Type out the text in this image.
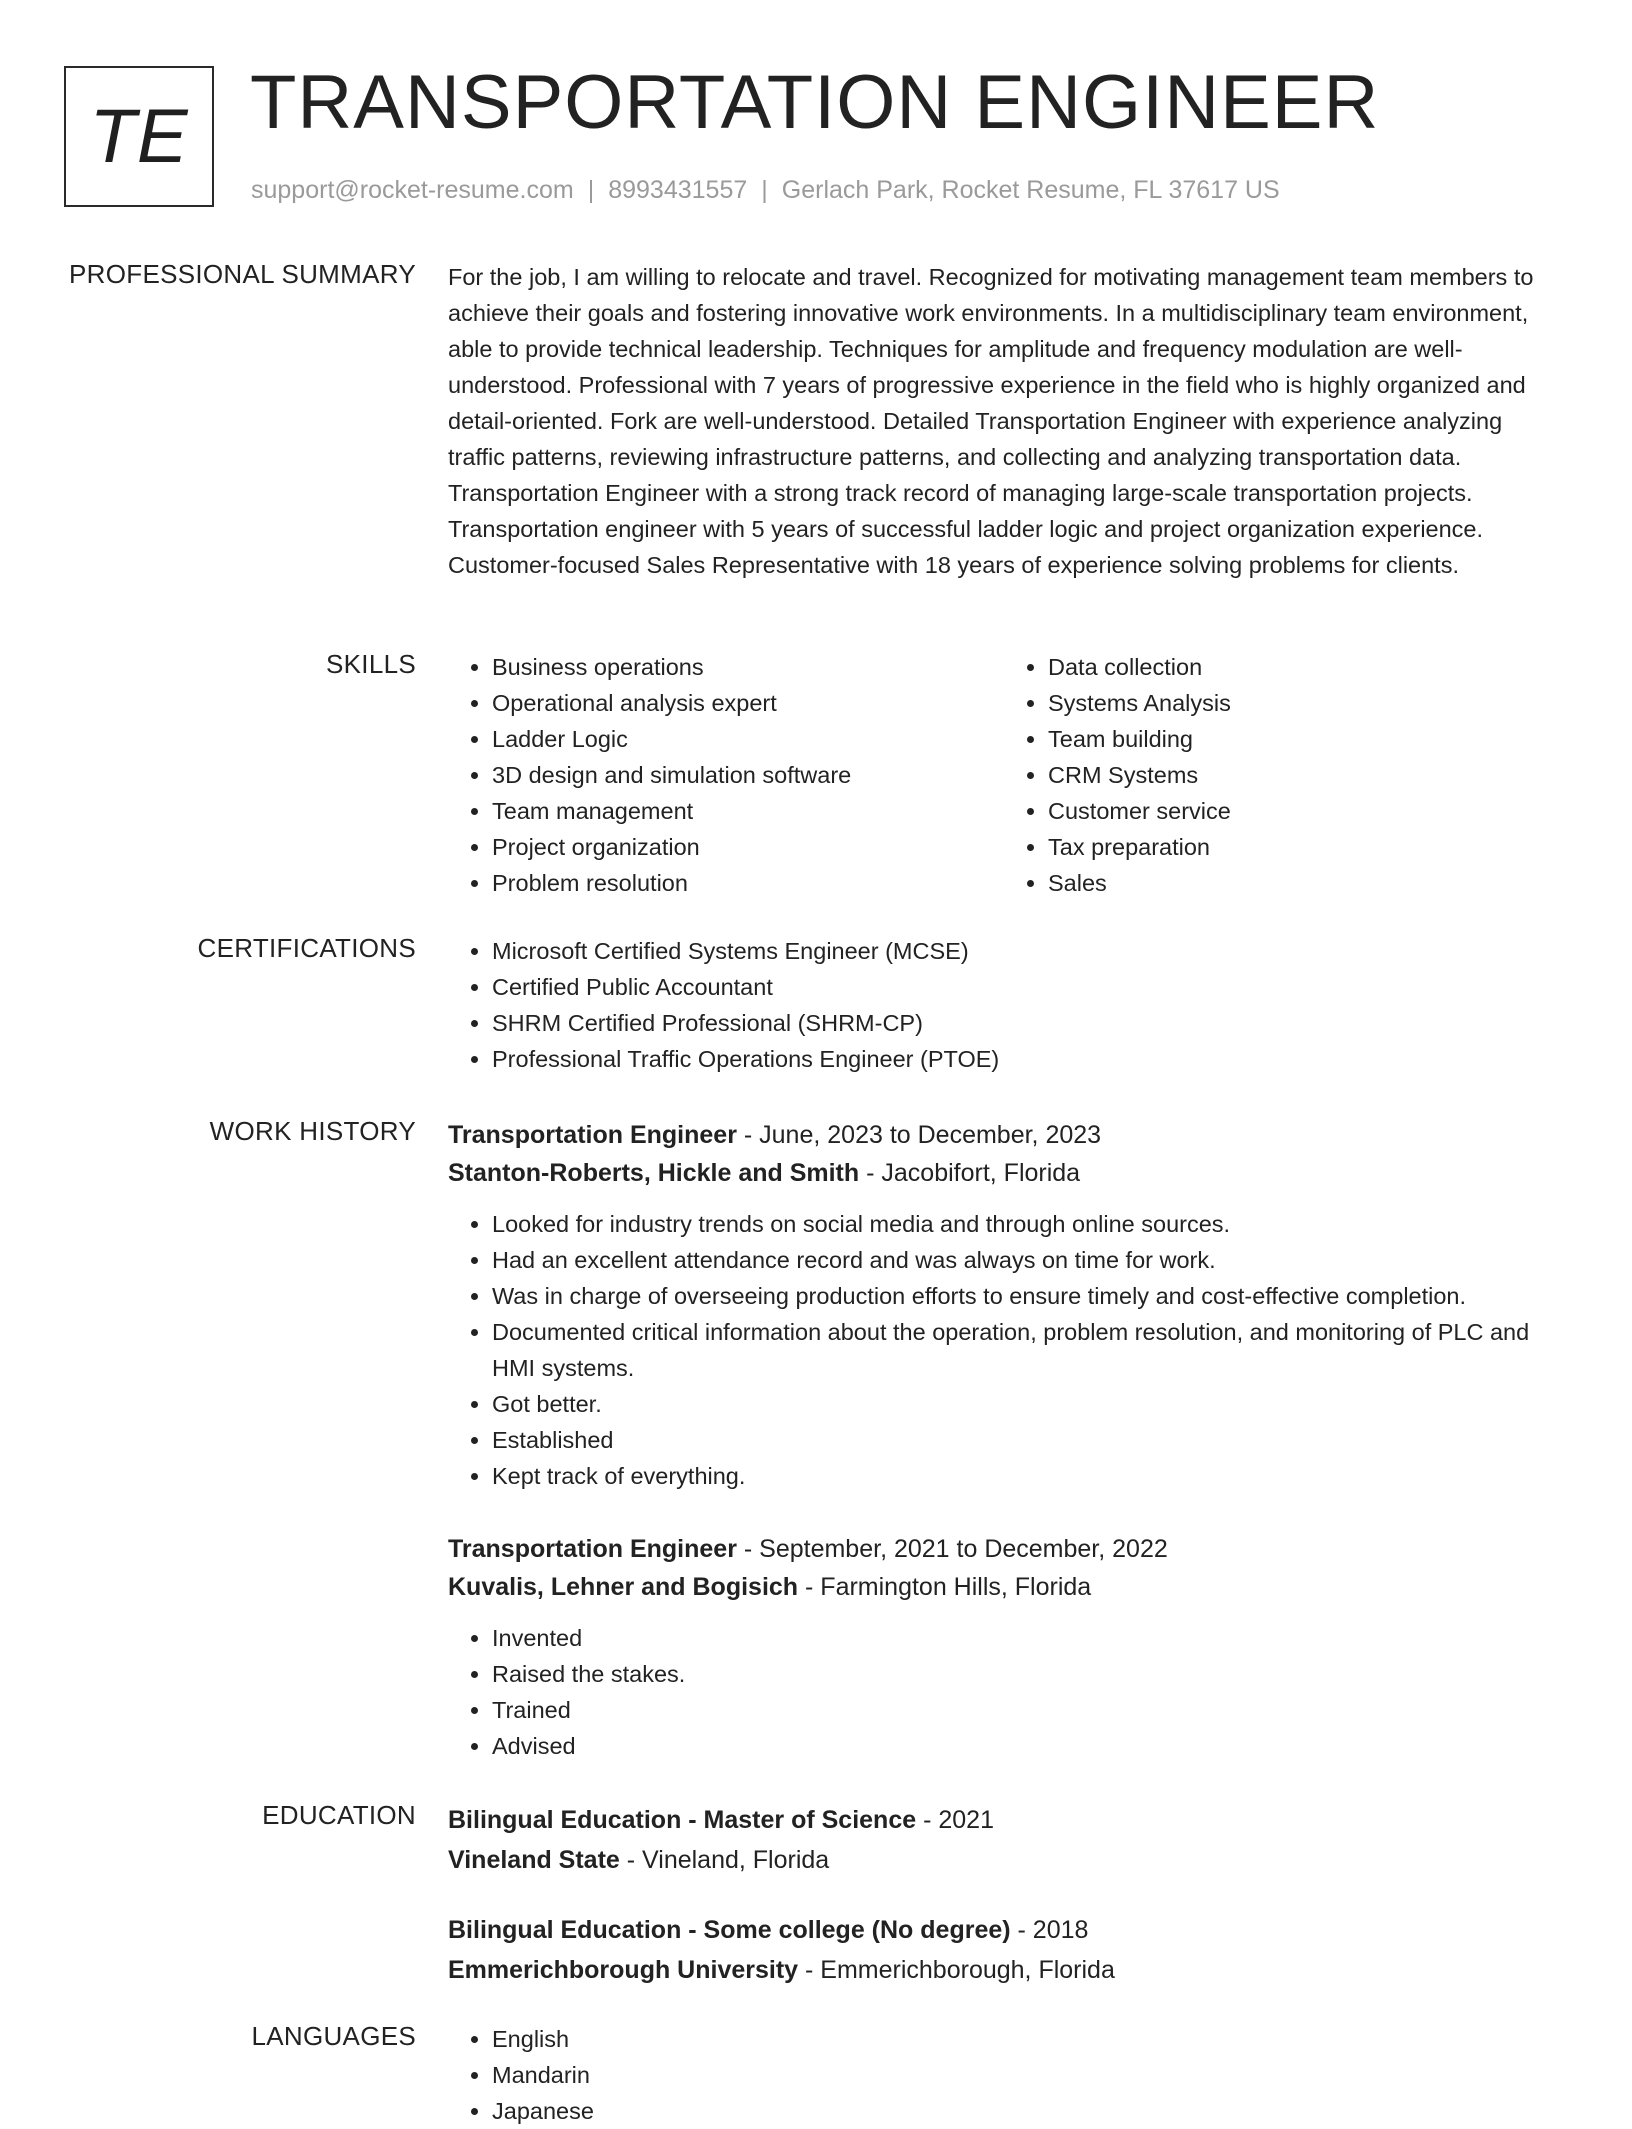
TE TRANSPORTATION ENGINEER
support@rocket-resume.com | 8993431557 | Gerlach Park, Rocket Resume, FL 37617 US
PROFESSIONAL SUMMARY For the job, I am willing to relocate and travel. Recognized for motivating management team members to achieve their goals and fostering innovative work environments. In a multidisciplinary team environment, able to provide technical leadership. Techniques for amplitude and frequency modulation are well-understood. Professional with 7 years of progressive experience in the field who is highly organized and detail-oriented. Fork are well-understood. Detailed Transportation Engineer with experience analyzing traffic patterns, reviewing infrastructure patterns, and collecting and analyzing transportation data. Transportation Engineer with a strong track record of managing large-scale transportation projects. Transportation engineer with 5 years of successful ladder logic and project organization experience. Customer-focused Sales Representative with 18 years of experience solving problems for clients.
SKILLS	• Business operations
• Operational analysis expert
• Ladder Logic
• 3D design and simulation software
• Team management
• Project organization
• Problem resolution
• Data collection
• Systems Analysis
• Team building
• CRM Systems
• Customer service
• Tax preparation
• Sales
CERTIFICATIONS	• Microsoft Certified Systems Engineer (MCSE)
• Certified Public Accountant
• SHRM Certified Professional (SHRM-CP)
• Professional Traffic Operations Engineer (PTOE)
WORK HISTORY Transportation Engineer - June, 2023 to December, 2023
Stanton-Roberts, Hickle and Smith - Jacobifort, Florida
• Looked for industry trends on social media and through online sources.
• Had an excellent attendance record and was always on time for work.
• Was in charge of overseeing production efforts to ensure timely and cost-effective completion.
• Documented critical information about the operation, problem resolution, and monitoring of PLC and HMI systems.
• Got better.
• Established
• Kept track of everything.
Transportation Engineer - September, 2021 to December, 2022
Kuvalis, Lehner and Bogisich - Farmington Hills, Florida
• Invented
• Raised the stakes.
• Trained
• Advised
EDUCATION Bilingual Education - Master of Science - 2021
Vineland State - Vineland, Florida
Bilingual Education - Some college (No degree) - 2018
Emmerichborough University - Emmerichborough, Florida
LANGUAGES	• English
• Mandarin
• Japanese
